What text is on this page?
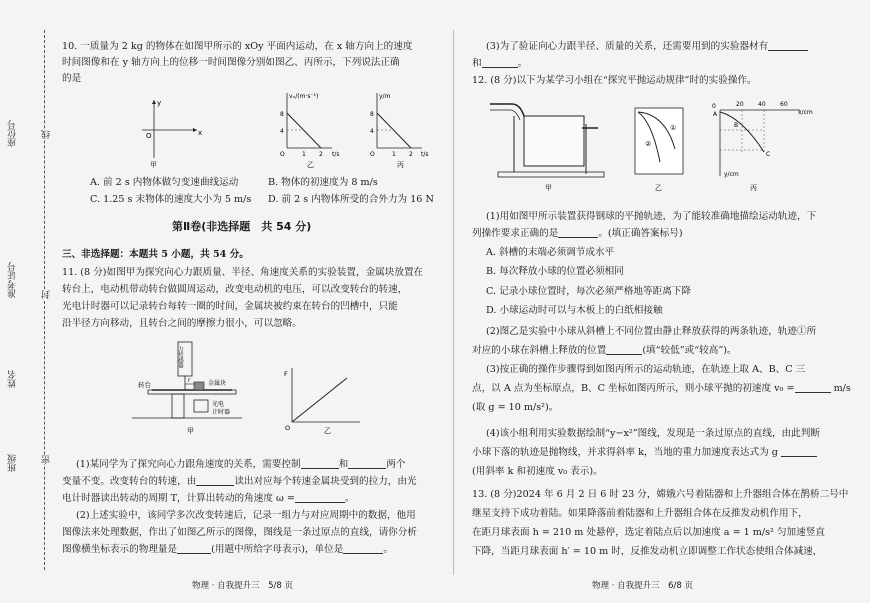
座位号
准考证号
姓名
班级
线
封
密
10. 一质量为 2 kg 的物体在如图甲所示的 xOy 平面内运动，在 x 轴方向上的速度
时间图像和在 y 轴方向上的位移一时间图像分别如图乙、丙所示，下列说法正确
的是
y
x
O
甲
vₓ/(m·s⁻¹)
8
4
O	1 2 t/s
乙
y/m
8
4
O	1 2 t/s
丙
A. 前 2 s 内物体做匀变速曲线运动	B. 物体的初速度为 8 m/s
C. 1.25 s 末物体的速度大小为 5 m/s D. 前 2 s 内物体所受的合外力为 16 N
第Ⅱ卷(非选择题　共 54 分)
三、非选择题：本题共 5 小题，共 54 分。
11. (8 分)如图甲为探究向心力跟质量、半径、角速度关系的实验装置，金属块放置在
转台上，电动机带动转台做圆周运动，改变电动机的电压，可以改变转台的转速，
光电计时器可以记录转台每转一圈的时间，金属块被约束在转台的凹槽中，只能
沿半径方向移动，且转台之间的摩擦力很小，可以忽略。
力传感器
转台	金属块
r
光电
计时器
甲
F
O	乙
(1)某同学为了探究向心力跟角速度的关系，需要控制	和	两个
变量不变。改变转台的转速，由	读出对应每个转速金属块受到的拉力，由光
电计时器读出转动的周期 T，计算出转动的角速度 ω =	。
(2)上述实验中，该同学多次改变转速后，记录一组力与对应周期中的数据，他用
图像法来处理数据，作出了如图乙所示的图像，图线是一条过原点的直线，请你分析
图像横坐标表示的物理量是	(用题中所给字母表示)，单位是	。
物理 · 自我提升三　5/8 页
(3)为了验证向心力跟半径、质量的关系，还需要用到的实验器材有
和	。
12. (8 分)以下为某学习小组在“探究平抛运动规律”时的实验操作。
甲
①
②
乙
0	20 40 60
x/cm
A
B
C
y/cm
丙
(1)用如图甲所示装置获得钢球的平抛轨迹，为了能较准确地描绘运动轨迹，下
列操作要求正确的是	。(填正确答案标号)
A. 斜槽的末端必须调节成水平
B. 每次释放小球的位置必须相同
C. 记录小球位置时，每次必须严格地等距离下降
D. 小球运动时可以与木板上的白纸相接触
(2)图乙是实验中小球从斜槽上不同位置由静止释放获得的两条轨迹，轨迹①所
对应的小球在斜槽上释放的位置	(填“较低”或“较高”)。
(3)按正确的操作步骤得到如图丙所示的运动轨迹，在轨迹上取 A、B、C 三
点，以 A 点为坐标原点，B、C 坐标如图丙所示，则小球平抛的初速度 v₀ =	m/s
(取 g = 10 m/s²)。
(4)该小组利用实验数据绘制“y−x²”图线，发现是一条过原点的直线，由此判断
小球下落的轨迹是抛物线，并求得斜率 k，当地的重力加速度表达式为 g
(用斜率 k 和初速度 v₀ 表示)。
13. (8 分)2024 年 6 月 2 日 6 时 23 分，嫦娥六号着陆器和上升器组合体在鹊桥二号中
继星支持下成功着陆。如果降落前着陆器和上升器组合体在反推发动机作用下，
在距月球表面 h = 210 m 处悬停，选定着陆点后以加速度 a = 1 m/s² 匀加速竖直
下降，当距月球表面 h′ = 10 m 时，反推发动机立即调整工作状态使组合体减速，
物理 · 自我提升三　6/8 页
